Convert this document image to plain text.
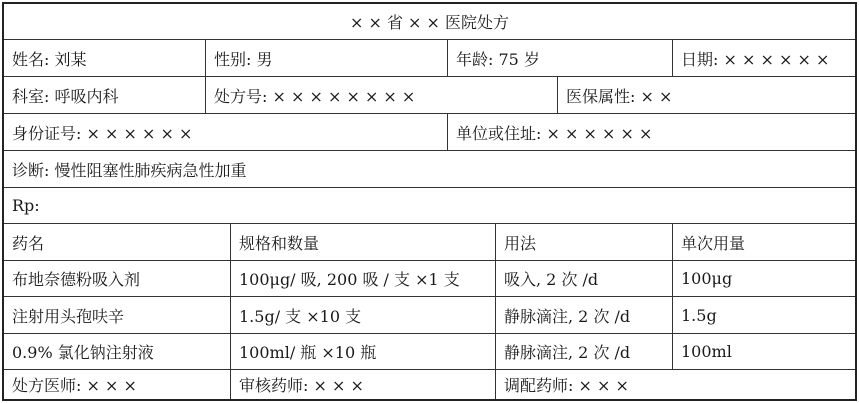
× × 省 × × 医院处方
姓名: 刘某	性别: 男	年龄: 75 岁	日期: × × × × × ×
科室: 呼吸内科	处方号: × × × × × × × ×	医保属性: × ×
身份证号: × × × × × ×	单位或住址: × × × × × ×
诊断: 慢性阻塞性肺疾病急性加重
Rp:
药名	规格和数量	用法	单次用量
布地奈德粉吸入剂	100μg/ 吸, 200 吸 / 支 ×1 支	吸入, 2 次 /d	100μg
注射用头孢呋辛	1.5g/ 支 ×10 支	静脉滴注, 2 次 /d	1.5g
0.9% 氯化钠注射液	100ml/ 瓶 ×10 瓶	静脉滴注, 2 次 /d	100ml
处方医师: × × ×	审核药师: × × ×	调配药师: × × ×
